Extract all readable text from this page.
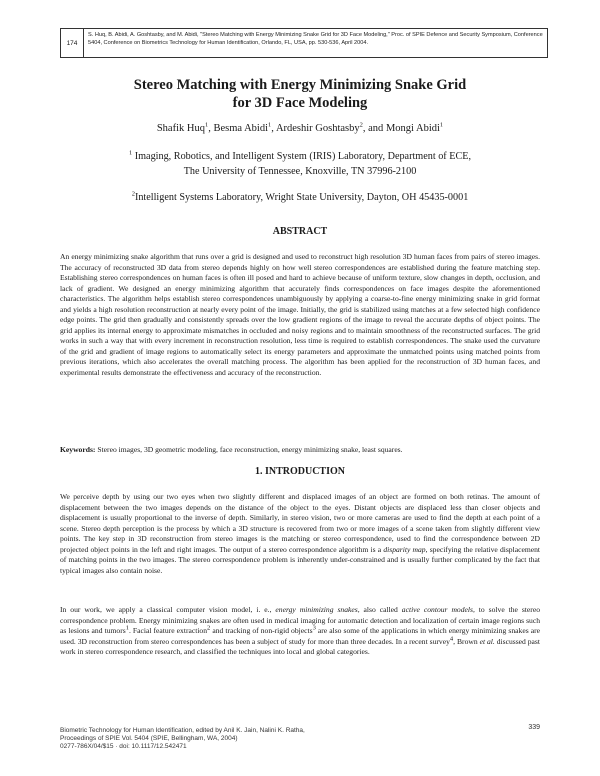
174
S. Huq, B. Abidi, A. Goshtasby, and M. Abidi, "Stereo Matching with Energy Minimizing Snake Grid for 3D Face Modeling," Proc. of SPIE Defence and Security Symposium, Conference 5404, Conference on Biometrics Technology for Human Identification, Orlando, FL, USA, pp. 530-536, April 2004.
Stereo Matching with Energy Minimizing Snake Grid
for 3D Face Modeling
Shafik Huq$^1$, Besma Abidi$^1$, Ardeshir Goshtasby$^2$, and Mongi Abidi$^1$
$^1$ Imaging, Robotics, and Intelligent System (IRIS) Laboratory, Department of ECE,
The University of Tennessee, Knoxville, TN 37996-2100
$^2$Intelligent Systems Laboratory, Wright State University, Dayton, OH 45435-0001
ABSTRACT

An energy minimizing snake algorithm that runs over a grid is designed and used to reconstruct high resolution 3D human faces from pairs of stereo images. The accuracy of reconstructed 3D data from stereo depends highly on how well stereo correspondences are established during the feature matching step. Establishing stereo correspondences on human faces is often ill posed and hard to achieve because of uniform texture, slow changes in depth, occlusion, and lack of gradient. We designed an energy minimizing algorithm that accurately finds correspondences on face images despite the aforementioned characteristics. The algorithm helps establish stereo correspondences unambiguously by applying a coarse-to-fine energy minimizing snake in grid format and yields a high resolution reconstruction at nearly every point of the image. Initially, the grid is stabilized using matches at a few selected high confidence edge points. The grid then gradually and consistently spreads over the low gradient regions of the image to reveal the accurate depths of object points. The grid applies its internal energy to approximate mismatches in occluded and noisy regions and to maintain smoothness of the reconstructed surfaces. The grid works in such a way that with every increment in reconstruction resolution, less time is required to establish correspondences. The snake used the curvature of the grid and gradient of image regions to automatically select its energy parameters and approximate the unmatched points using matched points from previous iterations, which also accelerates the overall matching process. The algorithm has been applied for the reconstruction of 3D human faces, and experimental results demonstrate the effectiveness and accuracy of the reconstruction.

Keywords: Stereo images, 3D geometric modeling, face reconstruction, energy minimizing snake, least squares.

1. INTRODUCTION

We perceive depth by using our two eyes when two slightly different and displaced images of an object are formed on both retinas. The amount of displacement between the two images depends on the distance of the object to the eyes. Distant objects are displaced less than closer objects and displacement is usually proportional to the inverse of depth. Similarly, in stereo vision, two or more cameras are used to find the depth at each point of a scene. Stereo depth perception is the process by which a 3D structure is recovered from two or more images of a scene taken from slightly different view points. The key step in 3D reconstruction from stereo images is the matching or stereo correspondence, used to find the correspondence between 2D projected object points in the left and right images. The output of a stereo correspondence algorithm is a disparity map, specifying the relative displacement of matching points in the two images. The stereo correspondence problem is inherently under-constrained and is usually further complicated by the fact that typical images also contain noise.

In our work, we apply a classical computer vision model, i. e., energy minimizing snakes, also called active contour models, to solve the stereo correspondence problem. Energy minimizing snakes are often used in medical imaging for automatic detection and localization of certain image regions such as lesions and tumors$^1$. Facial feature extraction$^2$ and tracking of non-rigid objects$^3$ are also some of the applications in which energy minimizing snakes are used. 3D reconstruction from stereo correspondences has been a subject of study for more than three decades. In a recent survey$^4$, Brown et al. discussed past work in stereo correspondence research, and classified the techniques into local and global categories.

Biometric Technology for Human Identification, edited by Anil K. Jain, Nalini K. Ratha,
Proceedings of SPIE Vol. 5404 (SPIE, Bellingham, WA, 2004)
0277-786X/04/$15 · doi: 10.1117/12.542471
339
